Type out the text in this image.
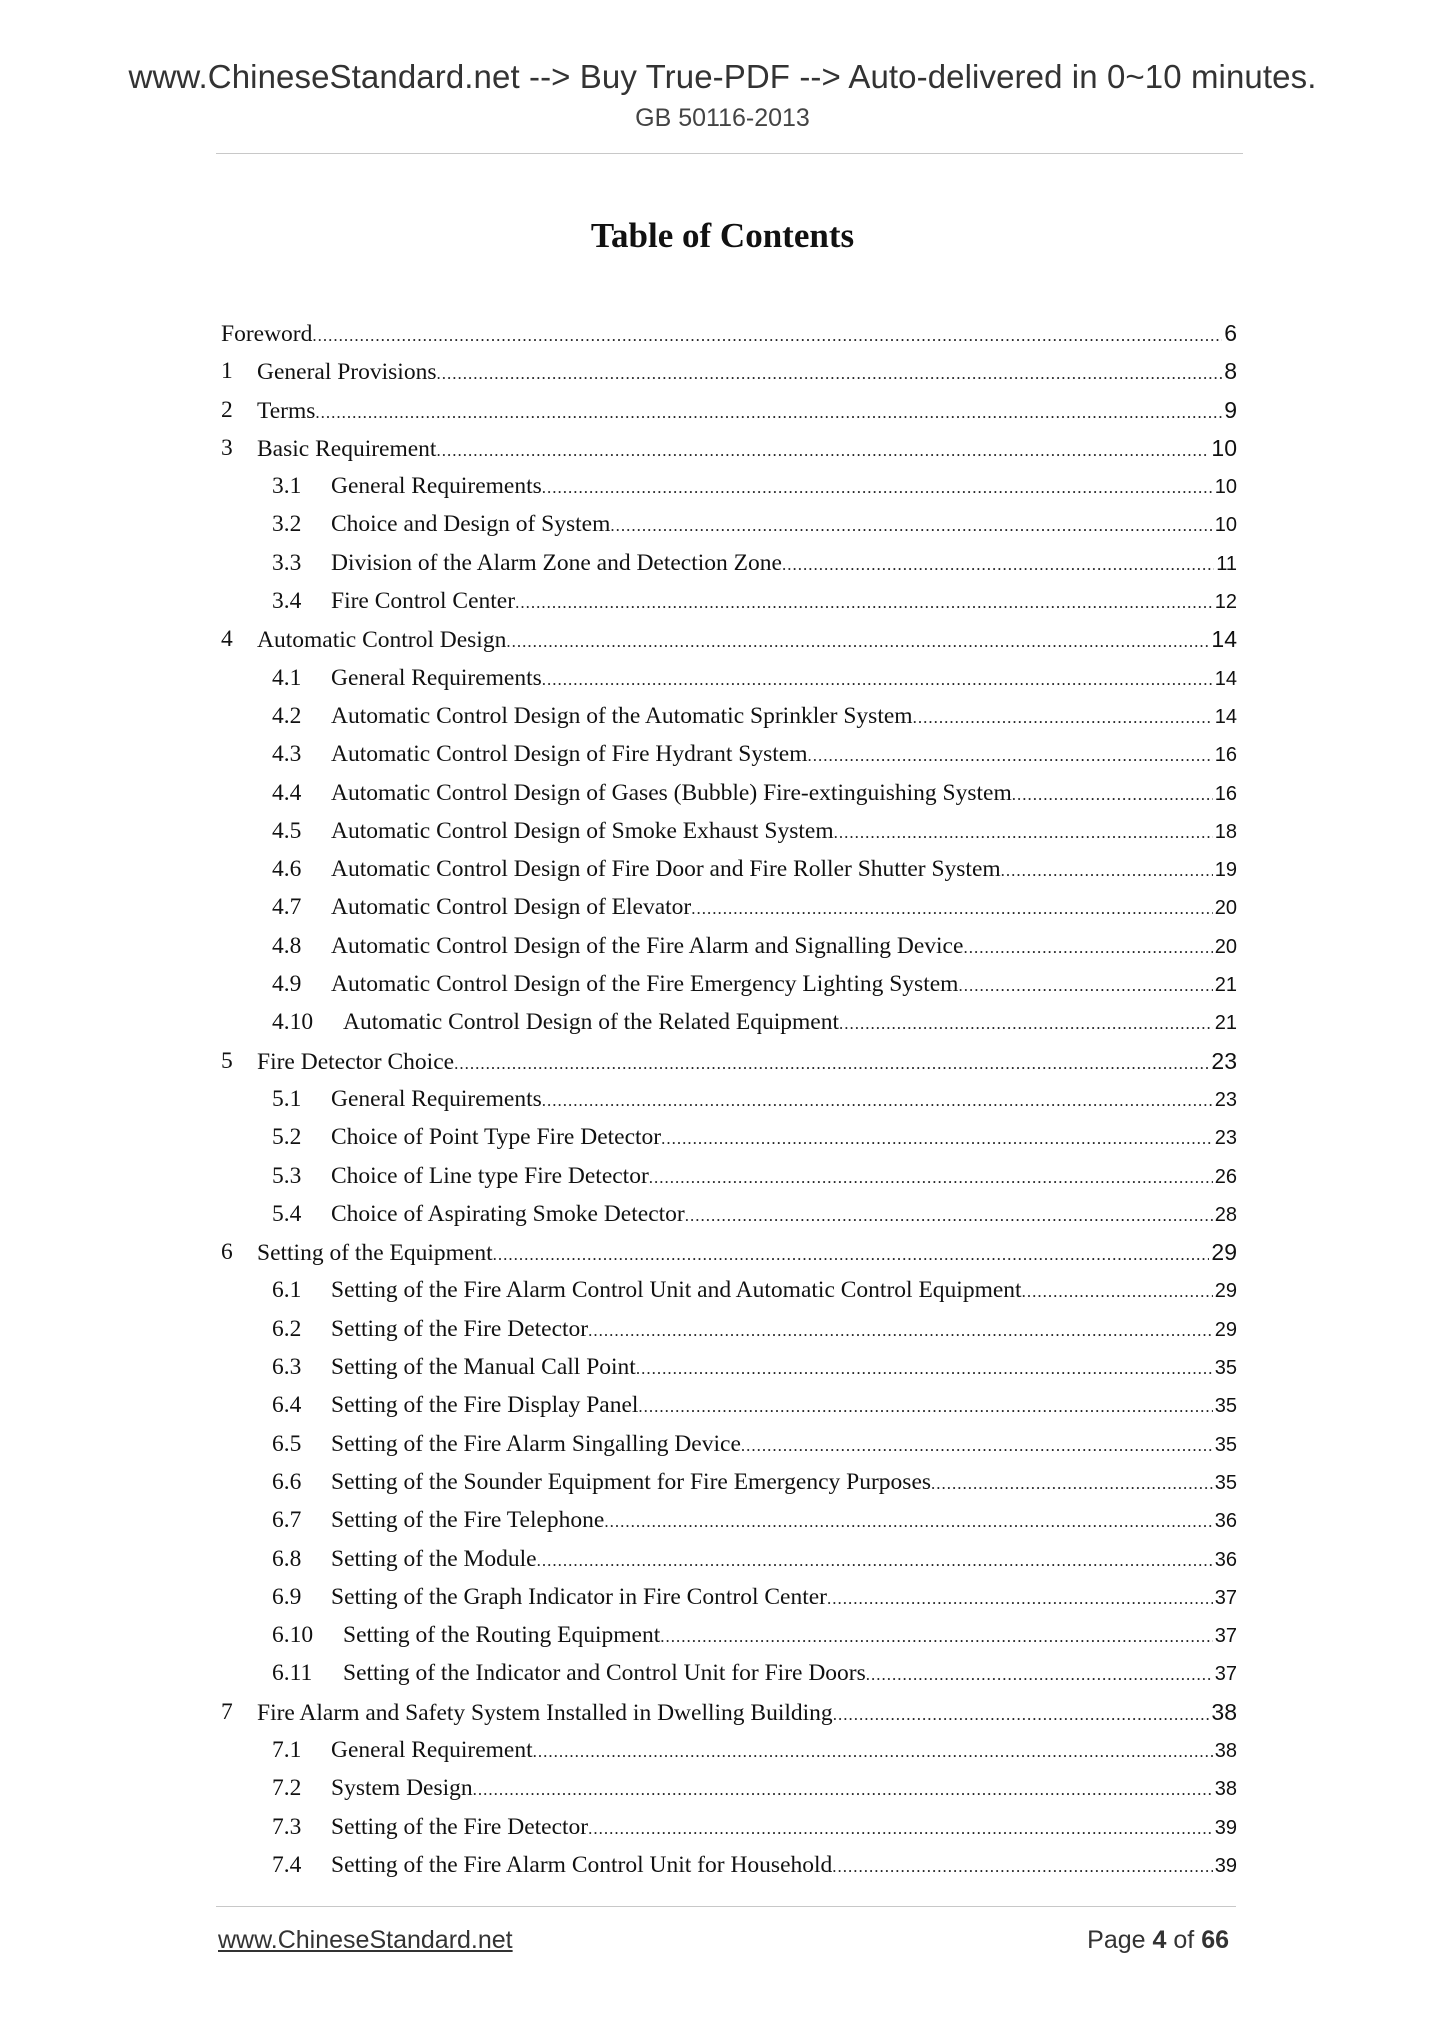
www.ChineseStandard.net --> Buy True-PDF --> Auto-delivered in 0~10 minutes.
GB 50116-2013
Table of Contents
Foreword .....	6
1 General Provisions .....	8
2 Terms .....	9
3 Basic Requirement .....	10
3.1 General Requirements .....	10
3.2 Choice and Design of System .....	10
3.3 Division of the Alarm Zone and Detection Zone .....	11
3.4 Fire Control Center .....	12
4 Automatic Control Design .....	14
4.1 General Requirements .....	14
4.2 Automatic Control Design of the Automatic Sprinkler System .....	14
4.3 Automatic Control Design of Fire Hydrant System .....	16
4.4 Automatic Control Design of Gases (Bubble) Fire-extinguishing System .....	16
4.5 Automatic Control Design of Smoke Exhaust System .....	18
4.6 Automatic Control Design of Fire Door and Fire Roller Shutter System .....	19
4.7 Automatic Control Design of Elevator .....	20
4.8 Automatic Control Design of the Fire Alarm and Signalling Device .....	20
4.9 Automatic Control Design of the Fire Emergency Lighting System .....	21
4.10 Automatic Control Design of the Related Equipment .....	21
5 Fire Detector Choice .....	23
5.1 General Requirements .....	23
5.2 Choice of Point Type Fire Detector .....	23
5.3 Choice of Line type Fire Detector .....	26
5.4 Choice of Aspirating Smoke Detector .....	28
6 Setting of the Equipment .....	29
6.1 Setting of the Fire Alarm Control Unit and Automatic Control Equipment .....	29
6.2 Setting of the Fire Detector .....	29
6.3 Setting of the Manual Call Point .....	35
6.4 Setting of the Fire Display Panel .....	35
6.5 Setting of the Fire Alarm Singalling Device .....	35
6.6 Setting of the Sounder Equipment for Fire Emergency Purposes .....	35
6.7 Setting of the Fire Telephone .....	36
6.8 Setting of the Module .....	36
6.9 Setting of the Graph Indicator in Fire Control Center .....	37
6.10 Setting of the Routing Equipment .....	37
6.11 Setting of the Indicator and Control Unit for Fire Doors .....	37
7 Fire Alarm and Safety System Installed in Dwelling Building .....	38
7.1 General Requirement .....	38
7.2 System Design .....	38
7.3 Setting of the Fire Detector .....	39
7.4 Setting of the Fire Alarm Control Unit for Household .....	39
www.ChineseStandard.net	Page 4 of 66
